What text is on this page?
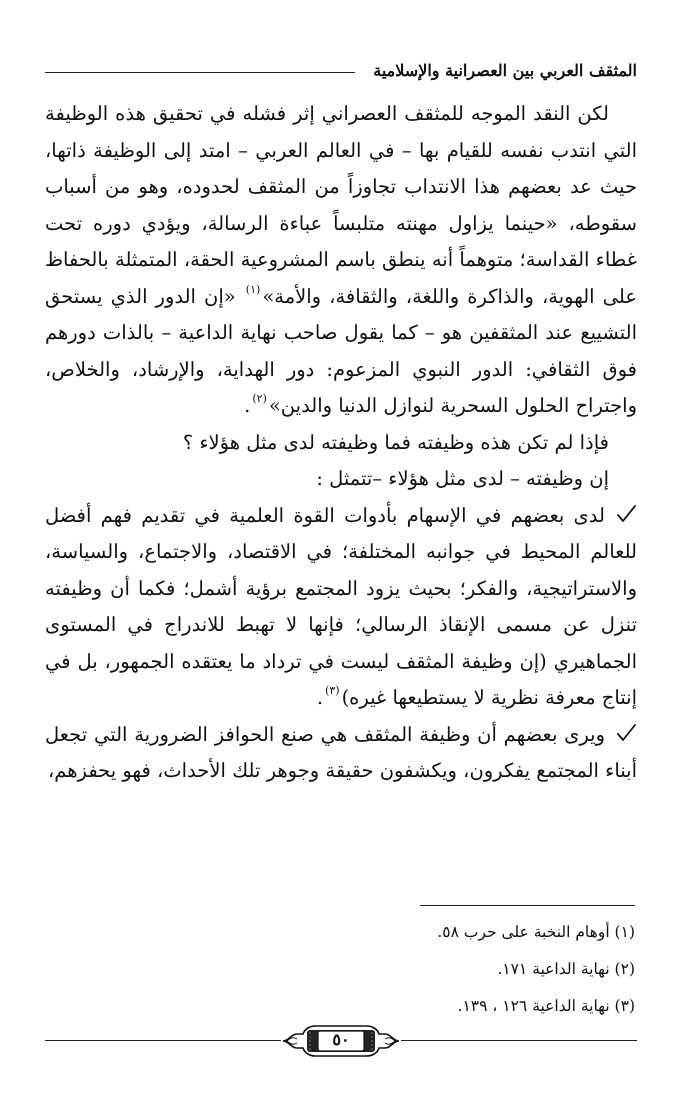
المثقف العربي بين العصرانية والإسلامية

لكن النقد الموجه للمثقف العصراني إثر فشله في تحقيق هذه الوظيفة التي انتدب نفسه للقيام بها – في العالم العربي – امتد إلى الوظيفة ذاتها، حيث عد بعضهم هذا الانتداب تجاوزاً من المثقف لحدوده، وهو من أسباب سقوطه، «حينما يزاول مهنته متلبساً عباءة الرسالة، ويؤدي دوره تحت غطاء القداسة؛ متوهماً أنه ينطق باسم المشروعية الحقة، المتمثلة بالحفاظ على الهوية، والذاكرة واللغة، والثقافة، والأمة»$^{(١)}$ «إن الدور الذي يستحق التشييع عند المثقفين هو – كما يقول صاحب نهاية الداعية – بالذات دورهم فوق الثقافي: الدور النبوي المزعوم: دور الهداية، والإرشاد، والخلاص، واجتراح الحلول السحرية لنوازل الدنيا والدين»$^{(٢)}$.

فإذا لم تكن هذه وظيفته فما وظيفته لدى مثل هؤلاء ؟

إن وظيفته – لدى مثل هؤلاء –تتمثل :

لدى بعضهم في الإسهام بأدوات القوة العلمية في تقديم فهم أفضل للعالم المحيط في جوانبه المختلفة؛ في الاقتصاد، والاجتماع، والسياسة، والاستراتيجية، والفكر؛ بحيث يزود المجتمع برؤية أشمل؛ فكما أن وظيفته تنزل عن مسمى الإنقاذ الرسالي؛ فإنها لا تهبط للاندراج في المستوى الجماهيري (إن وظيفة المثقف ليست في ترداد ما يعتقده الجمهور، بل في إنتاج معرفة نظرية لا يستطيعها غيره)$^{(٣)}$.

ويرى بعضهم أن وظيفة المثقف هي صنع الحوافز الضرورية التي تجعل أبناء المجتمع يفكرون، ويكشفون حقيقة وجوهر تلك الأحداث، فهو يحفزهم،

(١) أوهام النخبة على حرب ٥٨.
(٢) نهاية الداعية ١٧١.
(٣) نهاية الداعية ١٢٦ ، ١٣٩.
٥٠
